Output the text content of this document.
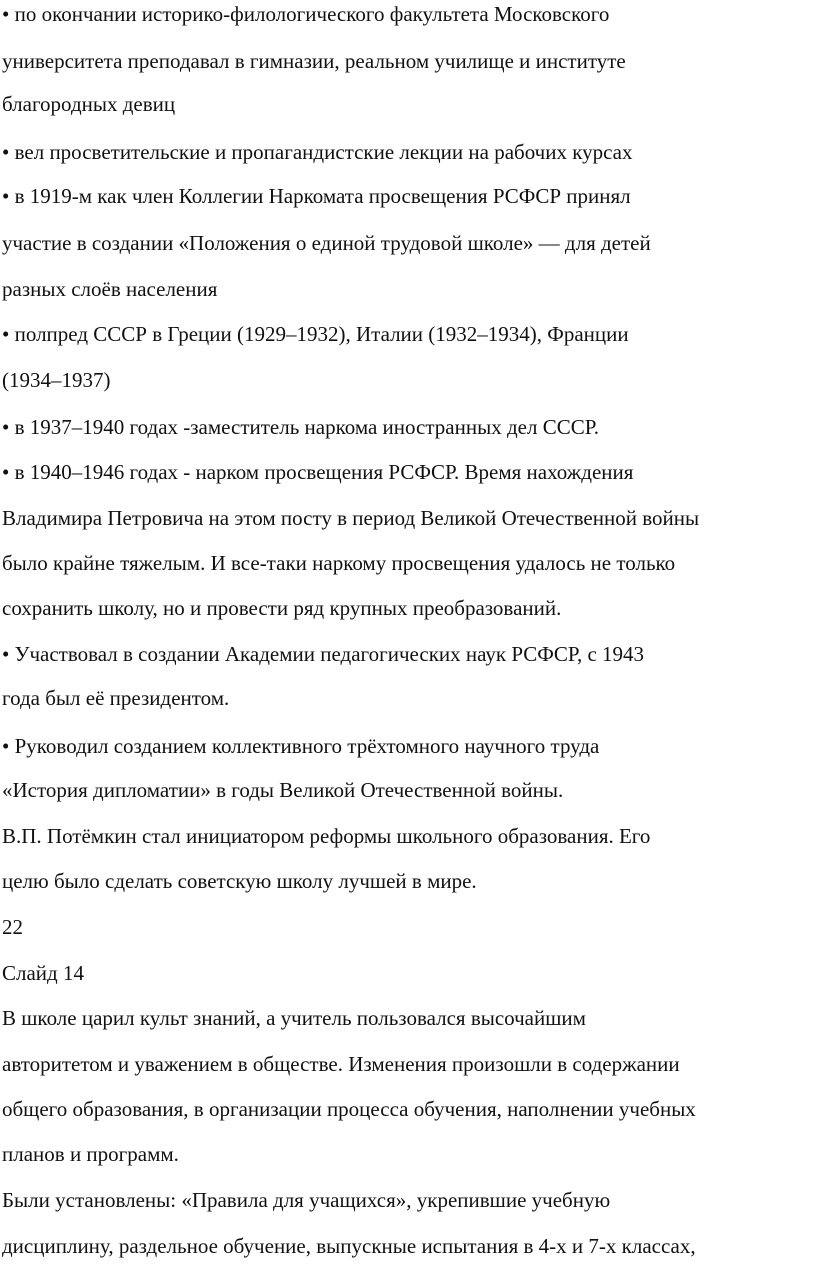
• по окончании историко-филологического факультета Московского

университета преподавал в гимназии, реальном училище и институте

благородных девиц

• вел просветительские и пропагандистские лекции на рабочих курсах

• в 1919-м как член Коллегии Наркомата просвещения РСФСР принял

участие в создании «Положения о единой трудовой школе» — для детей

разных слоёв населения

• полпред СССР в Греции (1929–1932), Италии (1932–1934), Франции

(1934–1937)

• в 1937–1940 годах -заместитель наркома иностранных дел СССР.

• в 1940–1946 годах - нарком просвещения РСФСР. Время нахождения

Владимира Петровича на этом посту в период Великой Отечественной войны

было крайне тяжелым. И все-таки наркому просвещения удалось не только

сохранить школу, но и провести ряд крупных преобразований.

• Участвовал в создании Академии педагогических наук РСФСР, с 1943

года был её президентом.

• Руководил созданием коллективного трёхтомного научного труда

«История дипломатии» в годы Великой Отечественной войны.

В.П. Потёмкин стал инициатором реформы школьного образования. Его

целю было сделать советскую школу лучшей в мире.

22

Слайд 14

В школе царил культ знаний, а учитель пользовался высочайшим

авторитетом и уважением в обществе. Изменения произошли в содержании

общего образования, в организации процесса обучения, наполнении учебных

планов и программ.

Были установлены: «Правила для учащихся», укрепившие учебную

дисциплину, раздельное обучение, выпускные испытания в 4-х и 7-х классах,
